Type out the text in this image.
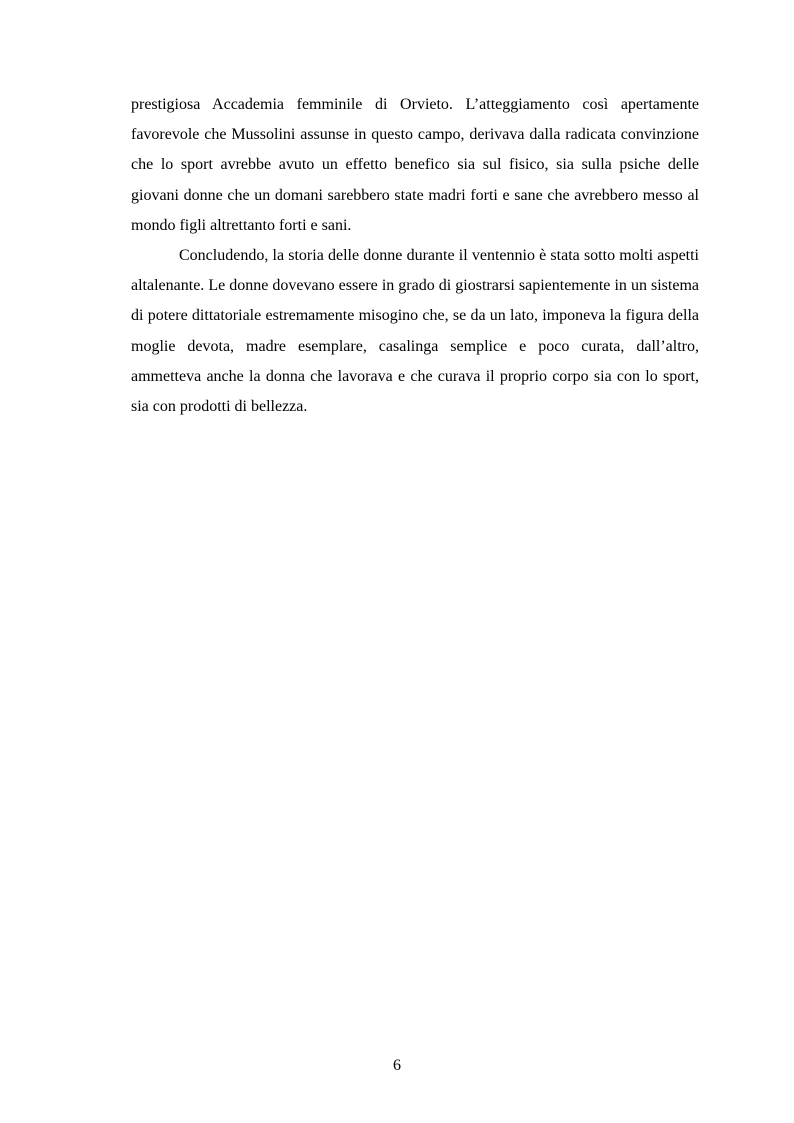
prestigiosa Accademia femminile di Orvieto. L’atteggiamento così apertamente favorevole che Mussolini assunse in questo campo, derivava dalla radicata convinzione che lo sport avrebbe avuto un effetto benefico sia sul fisico, sia sulla psiche delle giovani donne che un domani sarebbero state madri forti e sane che avrebbero messo al mondo figli altrettanto forti e sani.

Concludendo, la storia delle donne durante il ventennio è stata sotto molti aspetti altalenante. Le donne dovevano essere in grado di giostrarsi sapientemente in un sistema di potere dittatoriale estremamente misogino che, se da un lato, imponeva la figura della moglie devota, madre esemplare, casalinga semplice e poco curata, dall’altro, ammetteva anche la donna che lavorava e che curava il proprio corpo sia con lo sport, sia con prodotti di bellezza.

6
